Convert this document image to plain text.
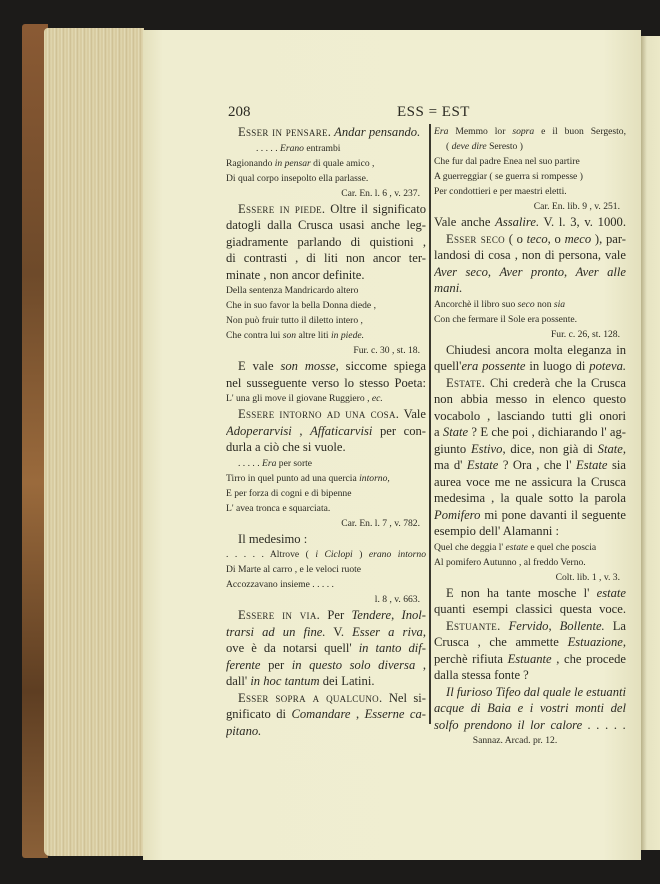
208	ESS = EST
Esser in pensare. Andar pensando.
. . . . . Erano entrambi
Ragionando in pensar di quale amico ,
Di qual corpo insepolto ella parlasse.
Car. En. l. 6 , v. 237.
Essere in piede. Oltre il significato
datogli dalla Crusca usasi anche leg-
giadramente parlando di quistioni ,
di contrasti , di liti non ancor ter-
minate , non ancor definite.
Della sentenza Mandricardo altero
Che in suo favor la bella Donna diede ,
Non può fruir tutto il diletto intero ,
Che contra lui son altre liti in piede.
Fur. c. 30 , st. 18.
E vale son mosse, siccome spiega
nel susseguente verso lo stesso Poeta:
L' una gli move il giovane Ruggiero , ec.
Essere intorno ad una cosa. Vale
Adoperarvisi , Affaticarvisi per con-
durla a ciò che si vuole.
. . . . . Era per sorte
Tirro in quel punto ad una quercia intorno,
E per forza di cogni e di bipenne
L' avea tronca e squarciata.
Car. En. l. 7 , v. 782.
Il medesimo :
. . . . . Altrove ( i Ciclopi ) erano intorno
Di Marte al carro , e le veloci ruote
Accozzavano insieme . . . . .
l. 8 , v. 663.
Essere in via. Per Tendere, Inol-
trarsi ad un fine. V. Esser a riva,
ove è da notarsi quell' in tanto dif-
ferente per in questo solo diversa ,
dall' in hoc tantum dei Latini.
Esser sopra a qualcuno. Nel si-
gnificato di Comandare , Esserne ca-
pitano.
Era Memmo lor sopra e il buon Sergesto,
( deve dire Seresto )
Che fur dal padre Enea nel suo partire
A guerreggiar ( se guerra si rompesse )
Per condottieri e per maestri eletti.
Car. En. lib. 9 , v. 251.
Vale anche Assalire. V. l. 3, v. 1000.
Esser seco ( o teco, o meco ), par-
landosi di cosa , non di persona, vale
Aver seco, Aver pronto, Aver alle
mani.
Ancorchè il libro suo seco non sia
Con che fermare il Sole era possente.
Fur. c. 26, st. 128.
Chiudesi ancora molta eleganza in
quell'era possente in luogo di poteva.
Estate. Chi crederà che la Crusca
non abbia messo in elenco questo
vocabolo , lasciando tutti gli onori
a State ? E che poi , dichiarando l' ag-
giunto Estivo, dice, non già di State,
ma d' Estate ? Ora , che l' Estate sia
aurea voce me ne assicura la Crusca
medesima , la quale sotto la parola
Pomifero mi pone davanti il seguente
esempio dell' Alamanni :
Quel che deggia l' estate e quel che poscia
Al pomifero Autunno , al freddo Verno.
Colt. lib. 1 , v. 3.
E non ha tante mosche l' estate
quanti esempi classici questa voce.
Estuante. Fervido, Bollente. La
Crusca , che ammette Estuazione,
perchè rifiuta Estuante , che procede
dalla stessa fonte ?
Il furioso Tifeo dal quale le estuanti
acque di Baia e i vostri monti del
solfo prendono il lor calore . . . . .
Sannaz. Arcad. pr. 12.
